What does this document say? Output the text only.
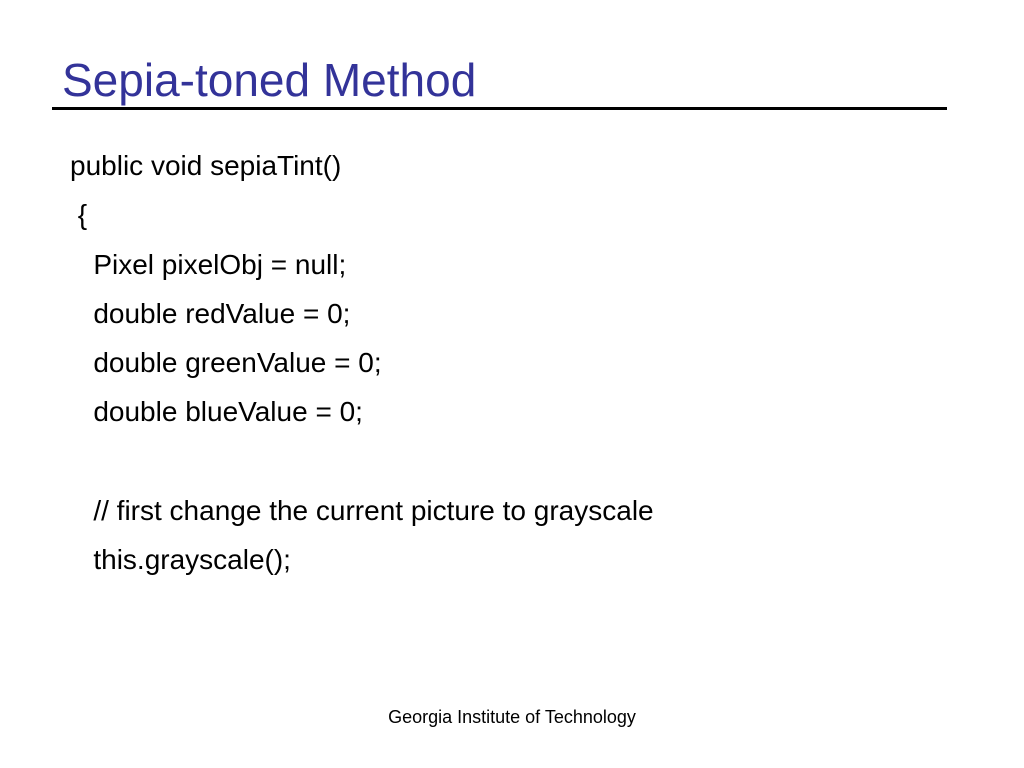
Sepia-toned Method
public void sepiaTint()
{
Pixel pixelObj = null;
double redValue = 0;
double greenValue = 0;
double blueValue = 0;
// first change the current picture to grayscale
this.grayscale();
Georgia Institute of Technology
